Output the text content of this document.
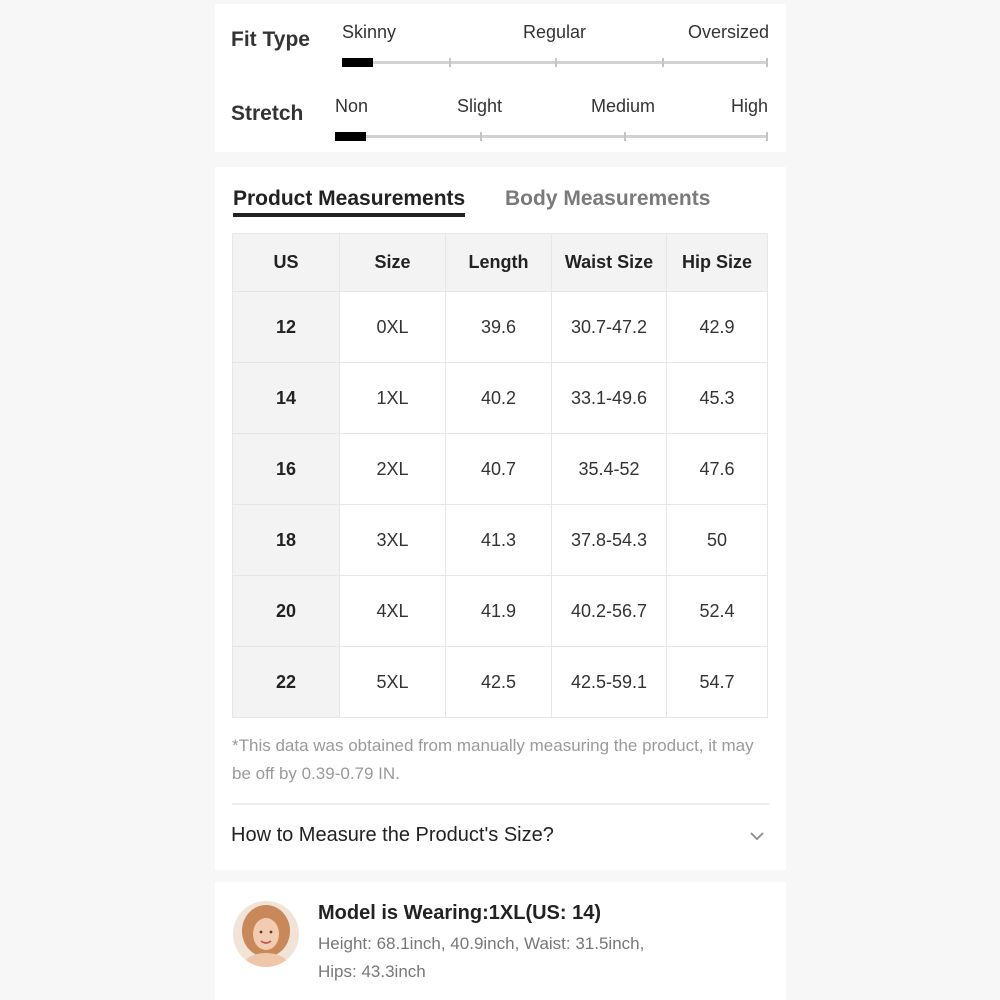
Fit Type Skinny	Regular	Oversized
Stretch Non	Slight	Medium	High
Product Measurements Body Measurements
US	Size	Length	Waist Size	Hip Size
12	0XL	39.6	30.7-47.2	42.9
14	1XL	40.2	33.1-49.6	45.3
16	2XL	40.7	35.4-52	47.6
18	3XL	41.3	37.8-54.3	50
20	4XL	41.9	40.2-56.7	52.4
22	5XL	42.5	42.5-59.1	54.7
*This data was obtained from manually measuring the product, it may be off by 0.39-0.79 IN.
How to Measure the Product's Size?
Model is Wearing:1XL(US: 14)
Height: 68.1inch, 40.9inch, Waist: 31.5inch,
Hips: 43.3inch
